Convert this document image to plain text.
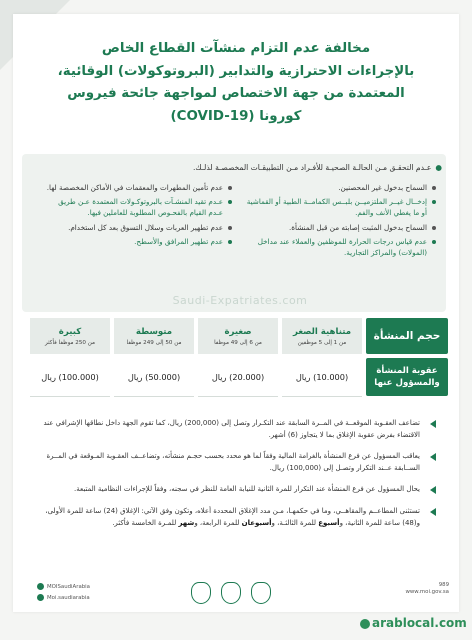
مخالفة عدم التزام منشآت القطاع الخاص
بالإجراءات الاحترازية والتدابير (البروتوكولات) الوقائية،
المعتمدة من جهة الاختصاص لمواجهة جائحة فيروس
كورونا (COVID-19)
●عـدم التحقـق مـن الحالـة الصحيـة للأفـراد مـن التطبيقـات المخصصـة لذلـك.
السماح بدخول غير المحصنين.
إدخــال غيــر الملتزميــن بلبــس الكمامــة الطبية أو القماشية أو ما يغطي الأنف والفم.
السماح بدخول المثبت إصابته من قبل المنشأة.
عدم قياس درجات الحرارة للموظفين والعملاء عند مداخل (المولات) والمراكز التجارية.
عدم تأمين المطهرات والمعقمات في الأماكن المخصصة لها.
عـدم تقيد المنشـآت بالبروتوكـولات المعتمدة عـن طريق عـدم القيام بالفحـوص المطلوبة للعاملين فيها.
عدم تطهير العربات وسلال التسوق بعد كل استخدام.
عدم تطهير المرافق والأسطح.
Saudi-Expatriates.com
حجم المنشأة
متناهية الصغر
من 1 إلى 5 موظفين
صغيرة
من 6 إلى 49 موظفا
متوسطة
من 50 إلى 249 موظفا
كبيرة
من 250 موظفا فأكثر
عقوبة المنشأة والمسؤول عنها
(10.000) ريال
(20.000) ريال
(50.000) ريال
(100.000) ريال
تضاعف العقـوبة الموقعــة في المــرة السابقة عند التكـرار وتصل إلى (200,000) ريال، كما تقوم الجهة داخل نطاقها الإشرافي عند الاقتضاء بفرض عقوبة الإغلاق بما لا يتجاوز (6) أشهر.
يعاقب المسؤول عن فرع المنشأة بالغرامة المالية وفقاً لما هو محدد بحسب حجـم منشأته، وتضاعــف العقـوبة المـوقعة في المــرة الســابقة عــند التكرار وتصـل إلى (100,000) ريال.
يحال المسؤول عن فرع المنشأة عند التكرار للمرة الثانية للنيابة العامة للنظر في سجنه، وفقاً للإجراءات النظامية المتبعة.
تستثنى المطاعــم والمقاهــي، وما في حكمهـا، مـن مدد الإغلاق المحددة أعلاه، وتكون وفق الآتي: الإغلاق (24) ساعة للمرة الأولى، و(48) ساعة للمرة الثانية، وأسبوع للمرة الثالثـة، وأسبوعان للمرة الرابعة، وشهر للمـرة الخامسة فأكثر.
MOISaudiArabia
Moi.saudiarabia
989
www.moi.gov.sa
arablocal.com
